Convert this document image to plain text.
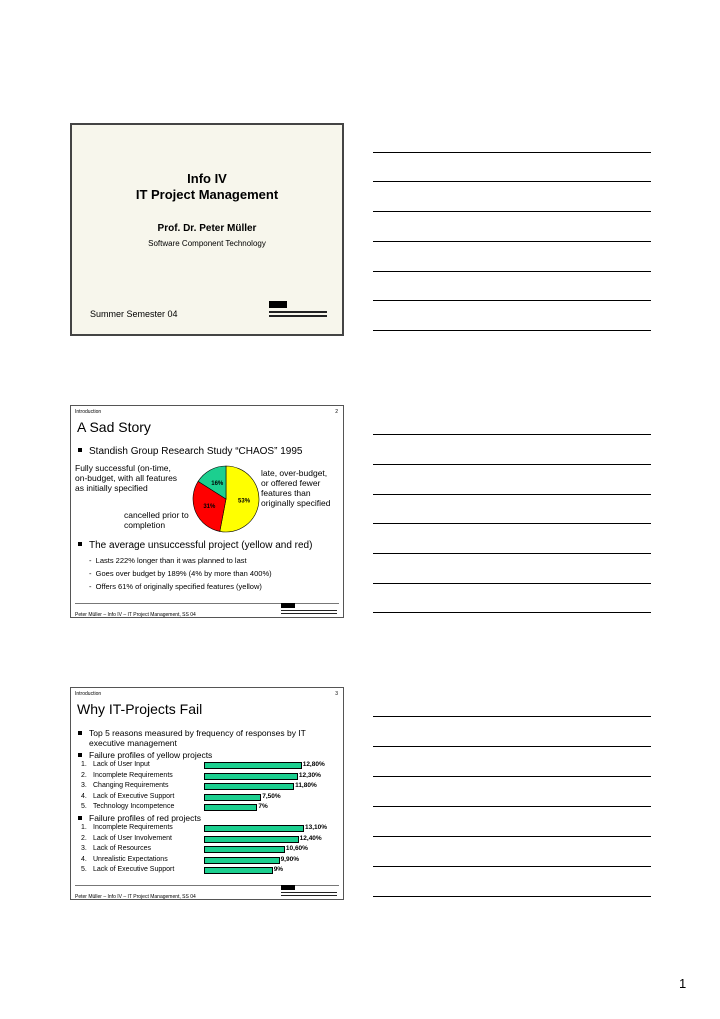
Info IV
IT Project Management
Prof. Dr. Peter Müller
Software Component Technology
Summer Semester 04
Introduction	2
A Sad Story
Standish Group Research Study “CHAOS” 1995
Fully successful (on-time,
on-budget, with all features
as initially specified
53%
31%
16%
late, over-budget,
or offered fewer
features than
originally specified
cancelled prior to
completion
The average unsuccessful project (yellow and red)
-  Lasts 222% longer than it was planned to last
-  Goes over budget by 189% (4% by more than 400%)
-  Offers 61% of originally specified features (yellow)
Peter Müller – Info IV – IT Project Management, SS 04
Introduction	3
Why IT-Projects Fail
Top 5 reasons measured by frequency of responses by IT
executive management
Failure profiles of yellow projects
1. Lack of User Input	12,80%
2. Incomplete Requirements	12,30%
3. Changing Requirements	11,80%
4. Lack of Executive Support	7,50%
5. Technology Incompetence	7%
Failure profiles of red projects
1. Incomplete Requirements	13,10%
2. Lack of User Involvement	12,40%
3. Lack of Resources	10,60%
4. Unrealistic Expectations	9,90%
5. Lack of Executive Support	9%
Peter Müller – Info IV – IT Project Management, SS 04
1
